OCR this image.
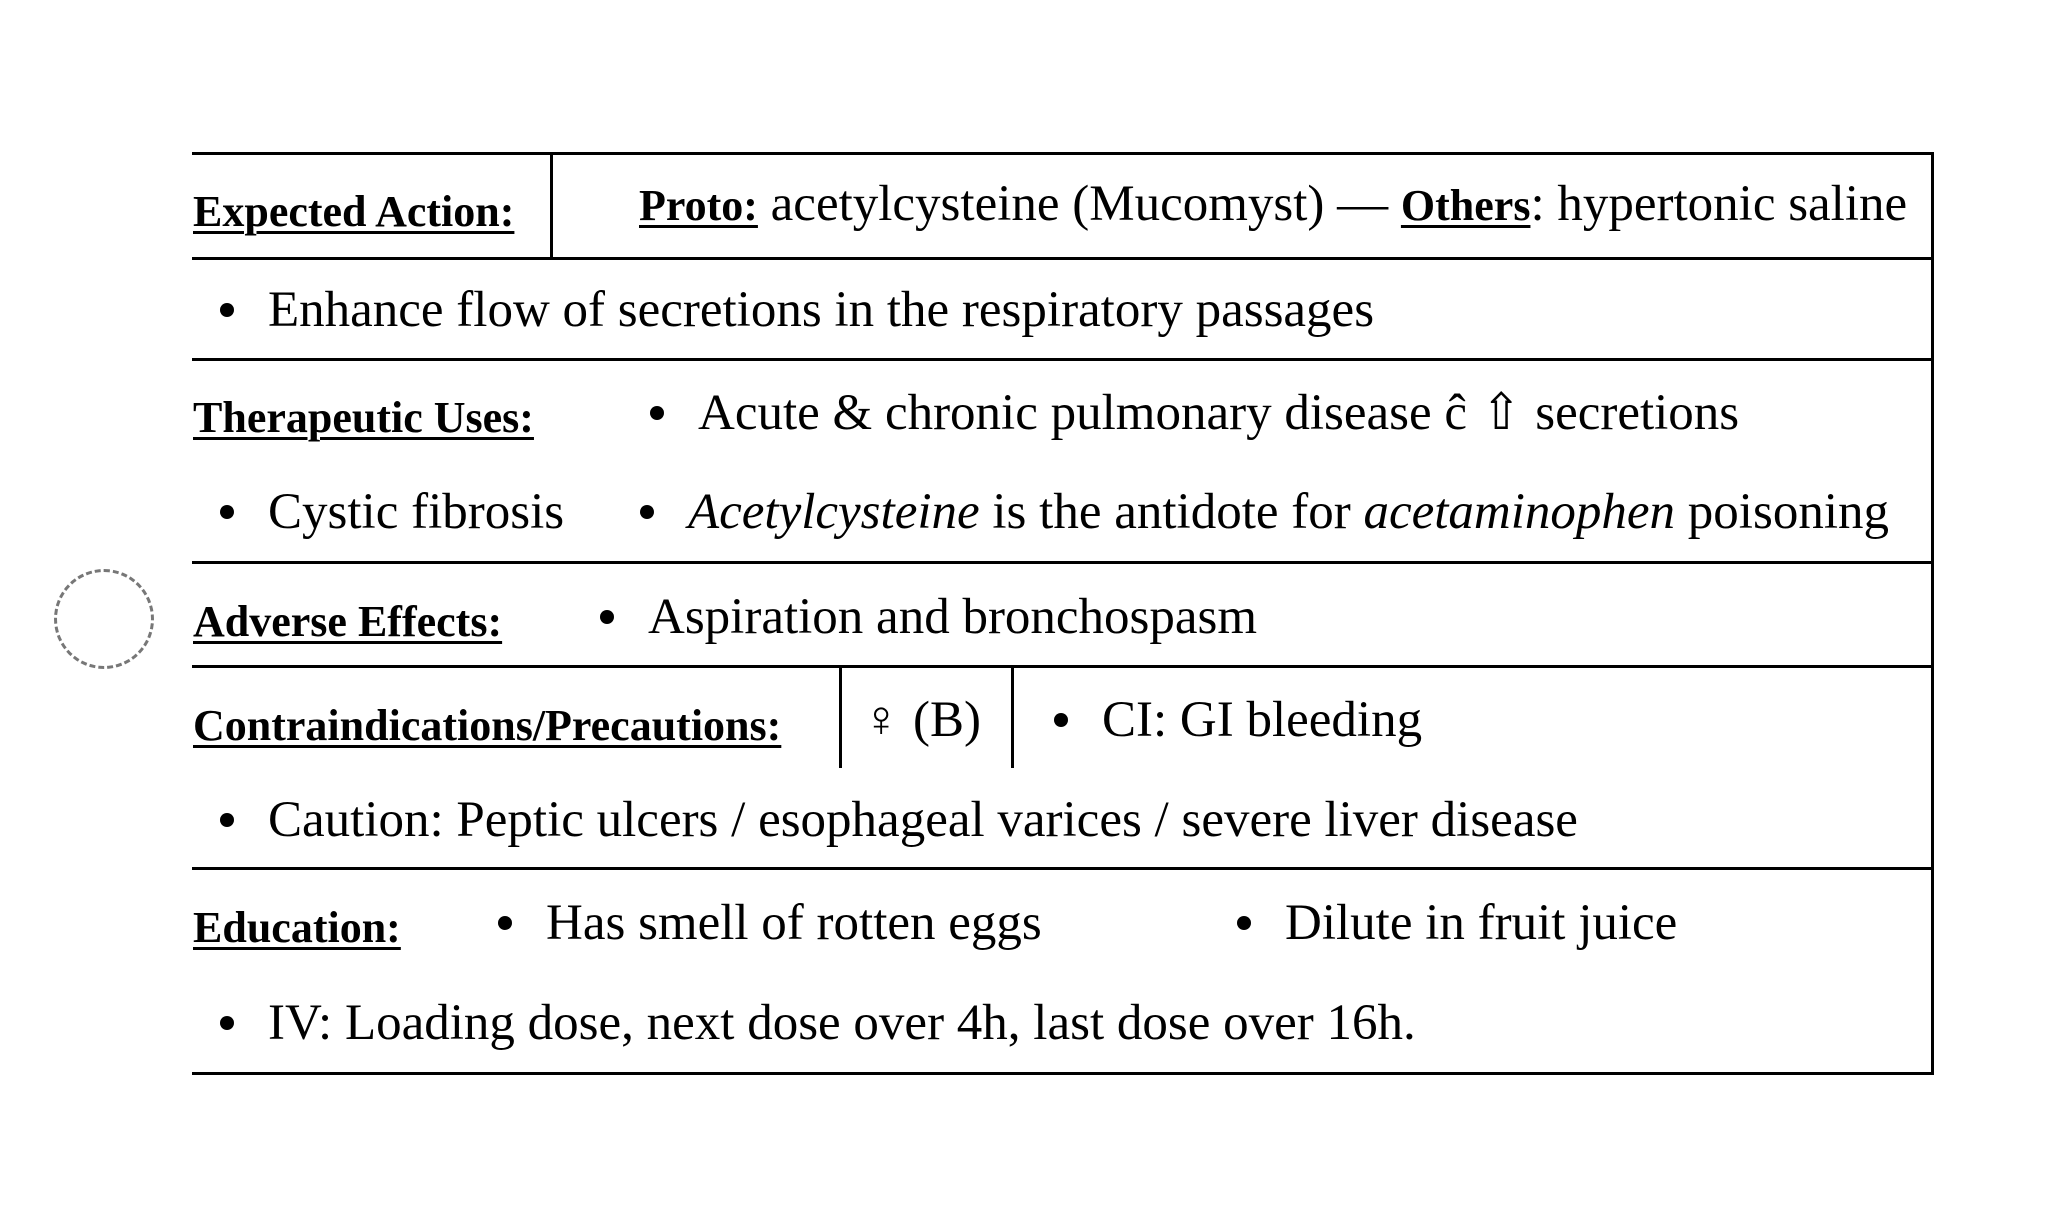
Expected Action:	Proto: acetylcysteine (Mucomyst) — Others: hypertonic saline
Enhance flow of secretions in the respiratory passages
Therapeutic Uses:	Acute & chronic pulmonary disease ĉ ⇧ secretions
Cystic fibrosis	Acetylcysteine is the antidote for acetaminophen poisoning
Adverse Effects:	Aspiration and bronchospasm
Contraindications/Precautions: ♀ (B)	CI: GI bleeding
Caution: Peptic ulcers / esophageal varices / severe liver disease
Education:	Has smell of rotten eggs	Dilute in fruit juice
IV: Loading dose, next dose over 4h, last dose over 16h.
